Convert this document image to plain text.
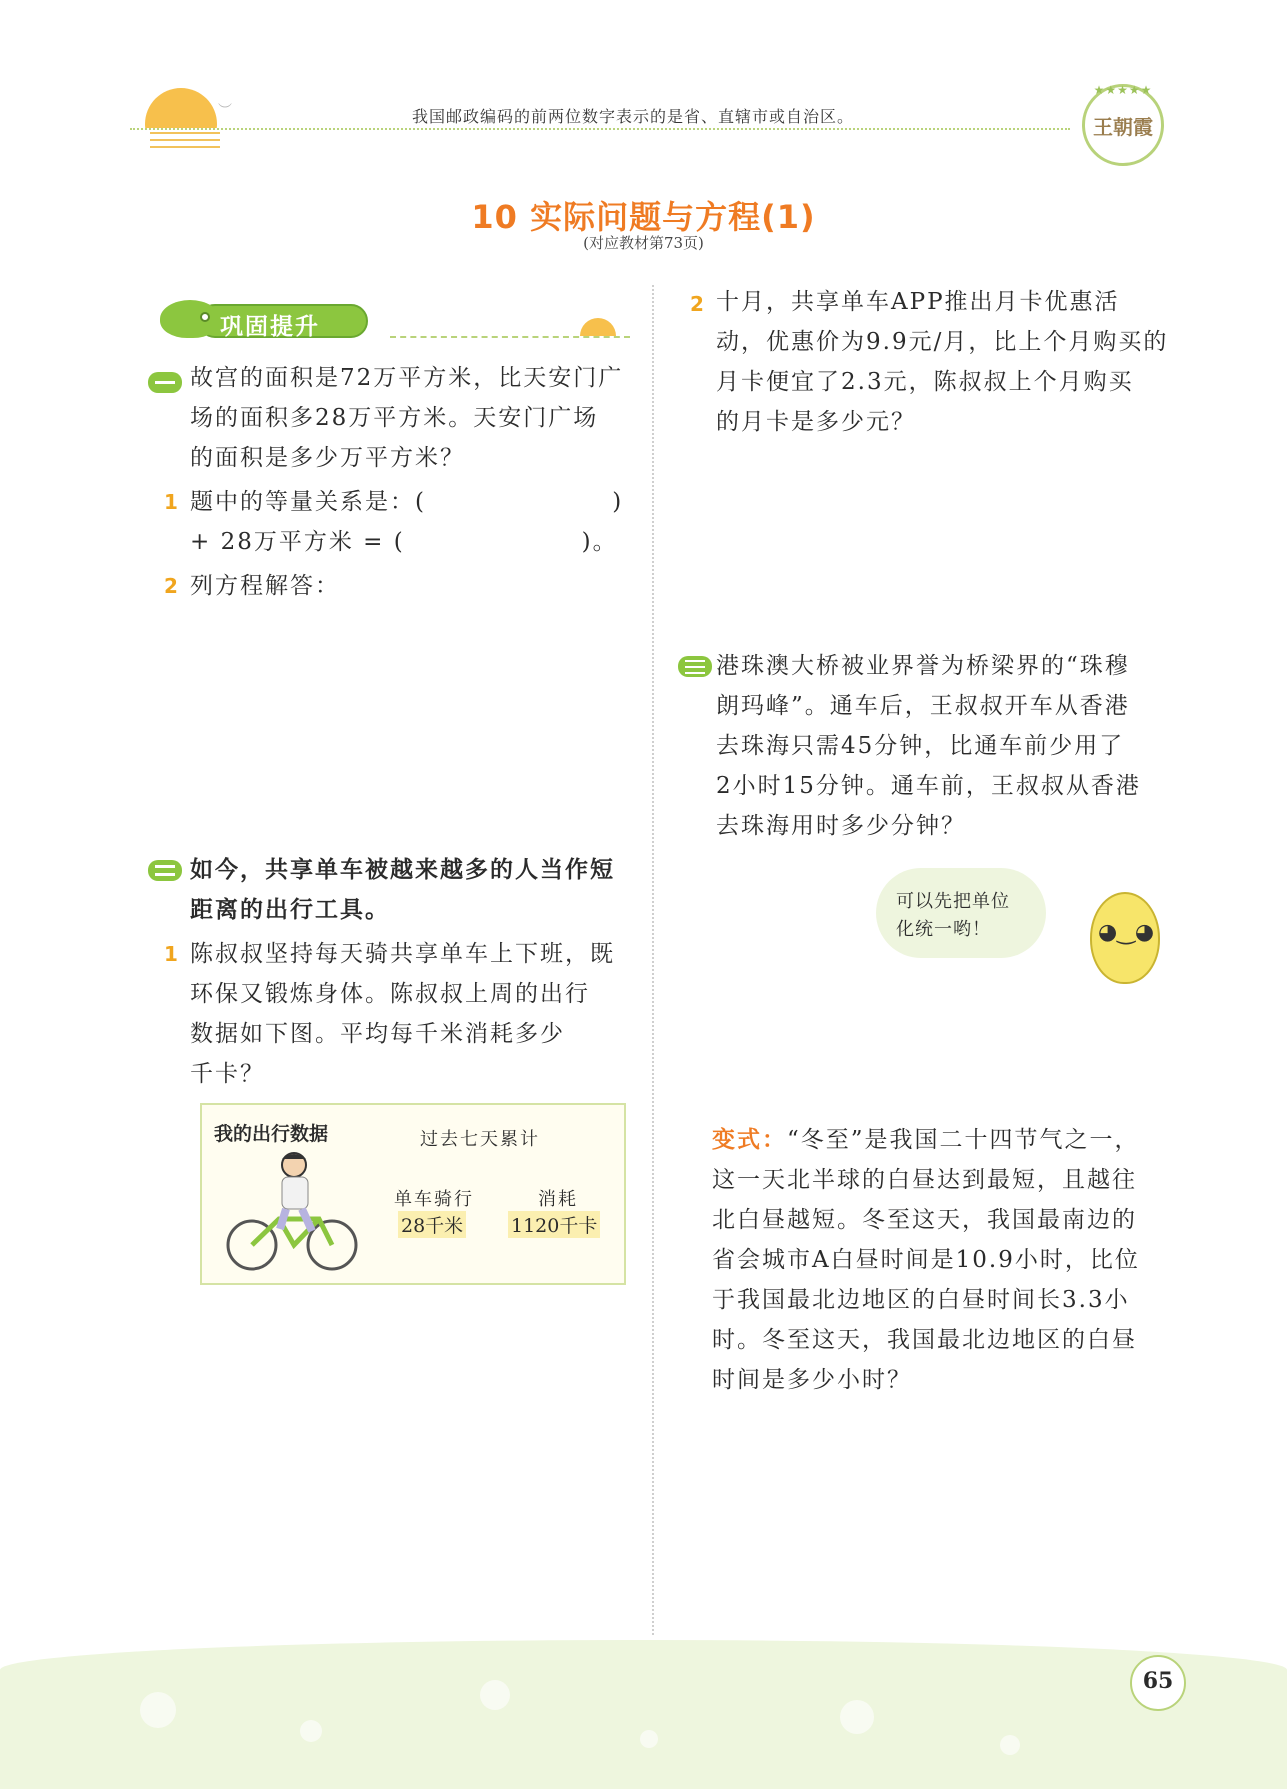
︶	我国邮政编码的前两位数字表示的是省、直辖市或自治区。
★★★★★
王朝霞
10 实际问题与方程(1)
(对应教材第73页)
巩固提升
故宫的面积是72万平方米，比天安门广
场的面积多28万平方米。天安门广场
的面积是多少万平方米？
1 题中的等量关系是：(                    )
+ 28万平方米 = (                   )。
2 列方程解答：
如今，共享单车被越来越多的人当作短
距离的出行工具。
1 陈叔叔坚持每天骑共享单车上下班，既
环保又锻炼身体。陈叔叔上周的出行
数据如下图。平均每千米消耗多少
千卡？
我的出行数据	过去七天累计
单车骑行
28千米
消耗
1120千卡
2 十月，共享单车APP推出月卡优惠活
动，优惠价为9.9元/月，比上个月购买的
月卡便宜了2.3元，陈叔叔上个月购买
的月卡是多少元？
港珠澳大桥被业界誉为桥梁界的“珠穆
朗玛峰”。通车后，王叔叔开车从香港
去珠海只需45分钟，比通车前少用了
2小时15分钟。通车前，王叔叔从香港
去珠海用时多少分钟？
可以先把单位
化统一哟！	◕‿◕
变式：“冬至”是我国二十四节气之一，
这一天北半球的白昼达到最短，且越往
北白昼越短。冬至这天，我国最南边的
省会城市A白昼时间是10.9小时，比位
于我国最北边地区的白昼时间长3.3小
时。冬至这天，我国最北边地区的白昼
时间是多少小时？
65
